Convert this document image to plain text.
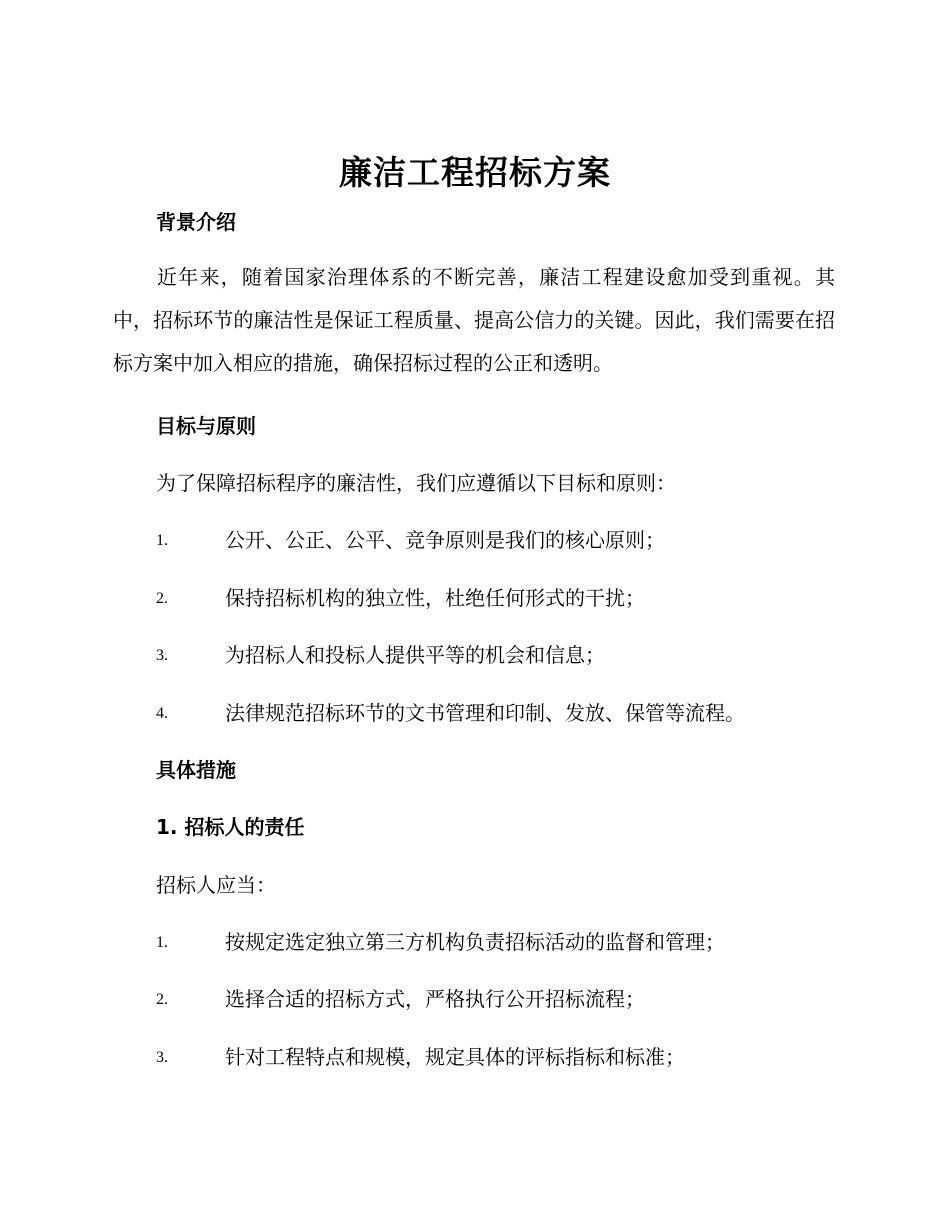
廉洁工程招标方案
背景介绍
近年来，随着国家治理体系的不断完善，廉洁工程建设愈加受到重视。其中，招标环节的廉洁性是保证工程质量、提高公信力的关键。因此，我们需要在招标方案中加入相应的措施，确保招标过程的公正和透明。
目标与原则
为了保障招标程序的廉洁性，我们应遵循以下目标和原则：
1.	公开、公正、公平、竞争原则是我们的核心原则；
2.	保持招标机构的独立性，杜绝任何形式的干扰；
3.	为招标人和投标人提供平等的机会和信息；
4.	法律规范招标环节的文书管理和印制、发放、保管等流程。
具体措施
1. 招标人的责任
招标人应当：
1.	按规定选定独立第三方机构负责招标活动的监督和管理；
2.	选择合适的招标方式，严格执行公开招标流程；
3.	针对工程特点和规模，规定具体的评标指标和标准；
